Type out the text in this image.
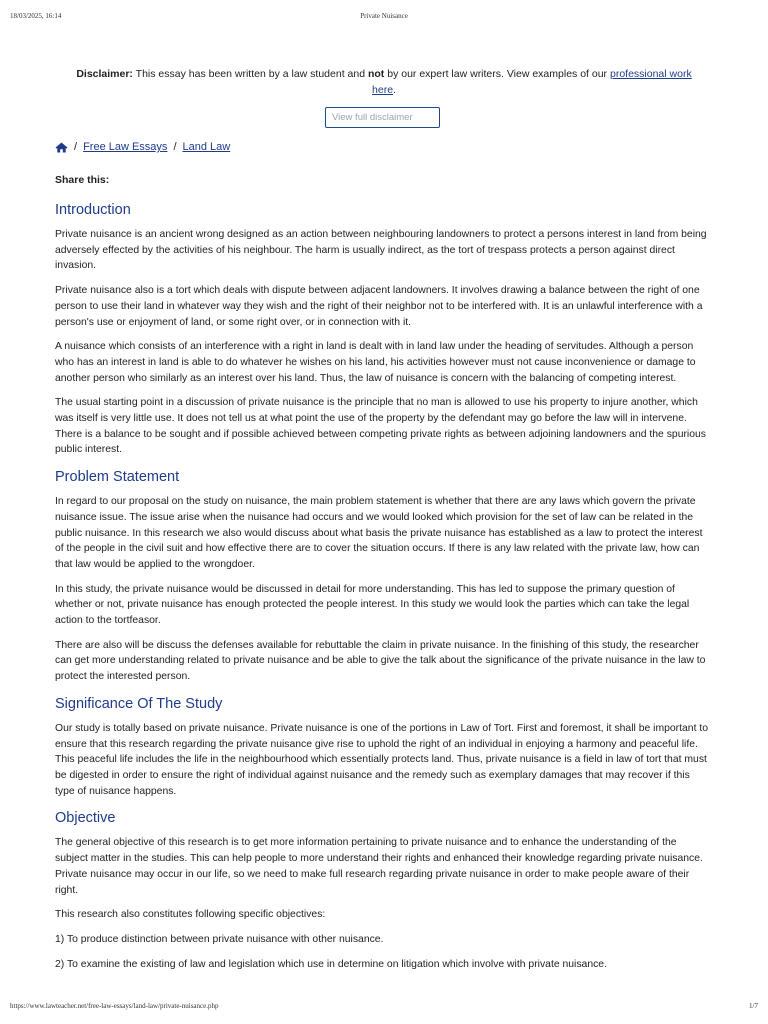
18/03/2025, 16:14	Private Nuisance
Disclaimer: This essay has been written by a law student and not by our expert law writers. View examples of our professional work
here.
View full disclaimer
/ Free Law Essays / Land Law
Share this:
Introduction

Private nuisance is an ancient wrong designed as an action between neighbouring landowners to protect a persons interest in land from being adversely effected by the activities of his neighbour. The harm is usually indirect, as the tort of trespass protects a person against direct invasion.

Private nuisance also is a tort which deals with dispute between adjacent landowners. It involves drawing a balance between the right of one person to use their land in whatever way they wish and the right of their neighbor not to be interfered with. It is an unlawful interference with a person's use or enjoyment of land, or some right over, or in connection with it.

A nuisance which consists of an interference with a right in land is dealt with in land law under the heading of servitudes. Although a person who has an interest in land is able to do whatever he wishes on his land, his activities however must not cause inconvenience or damage to another person who similarly as an interest over his land. Thus, the law of nuisance is concern with the balancing of competing interest.

The usual starting point in a discussion of private nuisance is the principle that no man is allowed to use his property to injure another, which was itself is very little use. It does not tell us at what point the use of the property by the defendant may go before the law will in intervene. There is a balance to be sought and if possible achieved between competing private rights as between adjoining landowners and the spurious public interest.

Problem Statement

In regard to our proposal on the study on nuisance, the main problem statement is whether that there are any laws which govern the private nuisance issue. The issue arise when the nuisance had occurs and we would looked which provision for the set of law can be related in the public nuisance. In this research we also would discuss about what basis the private nuisance has established as a law to protect the interest of the people in the civil suit and how effective there are to cover the situation occurs. If there is any law related with the private law, how can that law would be applied to the wrongdoer.

In this study, the private nuisance would be discussed in detail for more understanding. This has led to suppose the primary question of whether or not, private nuisance has enough protected the people interest. In this study we would look the parties which can take the legal action to the tortfeasor.

There are also will be discuss the defenses available for rebuttable the claim in private nuisance. In the finishing of this study, the researcher can get more understanding related to private nuisance and be able to give the talk about the significance of the private nuisance in the law to protect the interested person.

Significance Of The Study

Our study is totally based on private nuisance. Private nuisance is one of the portions in Law of Tort. First and foremost, it shall be important to ensure that this research regarding the private nuisance give rise to uphold the right of an individual in enjoying a harmony and peaceful life. This peaceful life includes the life in the neighbourhood which essentially protects land. Thus, private nuisance is a field in law of tort that must be digested in order to ensure the right of individual against nuisance and the remedy such as exemplary damages that may recover if this type of nuisance happens.

Objective

The general objective of this research is to get more information pertaining to private nuisance and to enhance the understanding of the subject matter in the studies. This can help people to more understand their rights and enhanced their knowledge regarding private nuisance. Private nuisance may occur in our life, so we need to make full research regarding private nuisance in order to make people aware of their right.

This research also constitutes following specific objectives:

1) To produce distinction between private nuisance with other nuisance.

2) To examine the existing of law and legislation which use in determine on litigation which involve with private nuisance.

https://www.lawteacher.net/free-law-essays/land-law/private-nuisance.php	1/7
